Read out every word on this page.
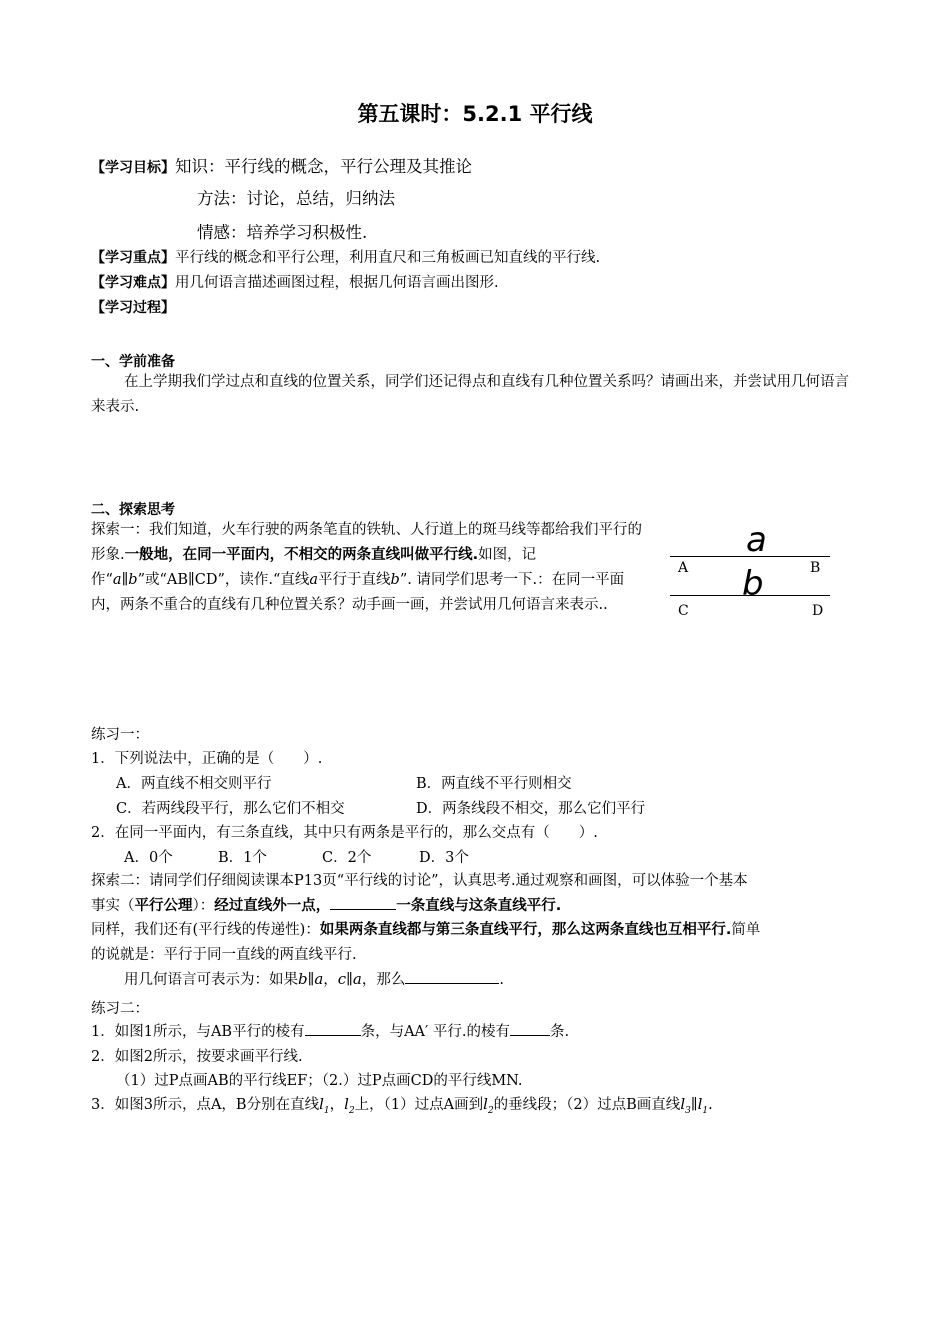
第五课时：5.2.1 平行线
【学习目标】知识：平行线的概念，平行公理及其推论
方法：讨论，总结，归纳法
情感：培养学习积极性.
【学习重点】平行线的概念和平行公理，利用直尺和三角板画已知直线的平行线.
【学习难点】用几何语言描述画图过程，根据几何语言画出图形.
【学习过程】
一、学前准备
在上学期我们学过点和直线的位置关系，同学们还记得点和直线有几种位置关系吗？请画出来，并尝试用几何语言来表示.
二、探索思考
探索一：我们知道，火车行驶的两条笔直的铁轨、人行道上的斑马线等都给我们平行的形象.一般地，在同一平面内，不相交的两条直线叫做平行线.如图，记作“a∥b”或“AB∥CD”，读作.“直线a平行于直线b”. 请同学们思考一下.：在同一平面内，两条不重合的直线有几种位置关系？动手画一画，并尝试用几何语言来表示..
a
b
A	B
C	D
练习一：
1．下列说法中，正确的是（　　）.
A．两直线不相交则平行	B．两直线不平行则相交
C．若两线段平行，那么它们不相交	D．两条线段不相交，那么它们平行
2．在同一平面内，有三条直线，其中只有两条是平行的，那么交点有（　　）.
A．0个	B．1个	C．2个	D．3个
探索二：请同学们仔细阅读课本P13页“平行线的讨论”，认真思考.通过观察和画图，可以体验一个基本
事实（平行公理）：经过直线外一点，	一条直线与这条直线平行.
同样，我们还有(平行线的传递性)：如果两条直线都与第三条直线平行，那么这两条直线也互相平行.简单
的说就是：平行于同一直线的两直线平行.
用几何语言可表示为：如果b∥a，c∥a，那么	.
练习二：
1．如图1所示，与AB平行的棱有	条，与AA′ 平行.的棱有	条.
2．如图2所示，按要求画平行线.
（1）过P点画AB的平行线EF；（2.）过P点画CD的平行线MN.
3．如图3所示，点A，B分别在直线$l_1$，$l_2$上，（1）过点A画到$l_2$的垂线段；（2）过点B画直线$l_3\parallel l_1$.
